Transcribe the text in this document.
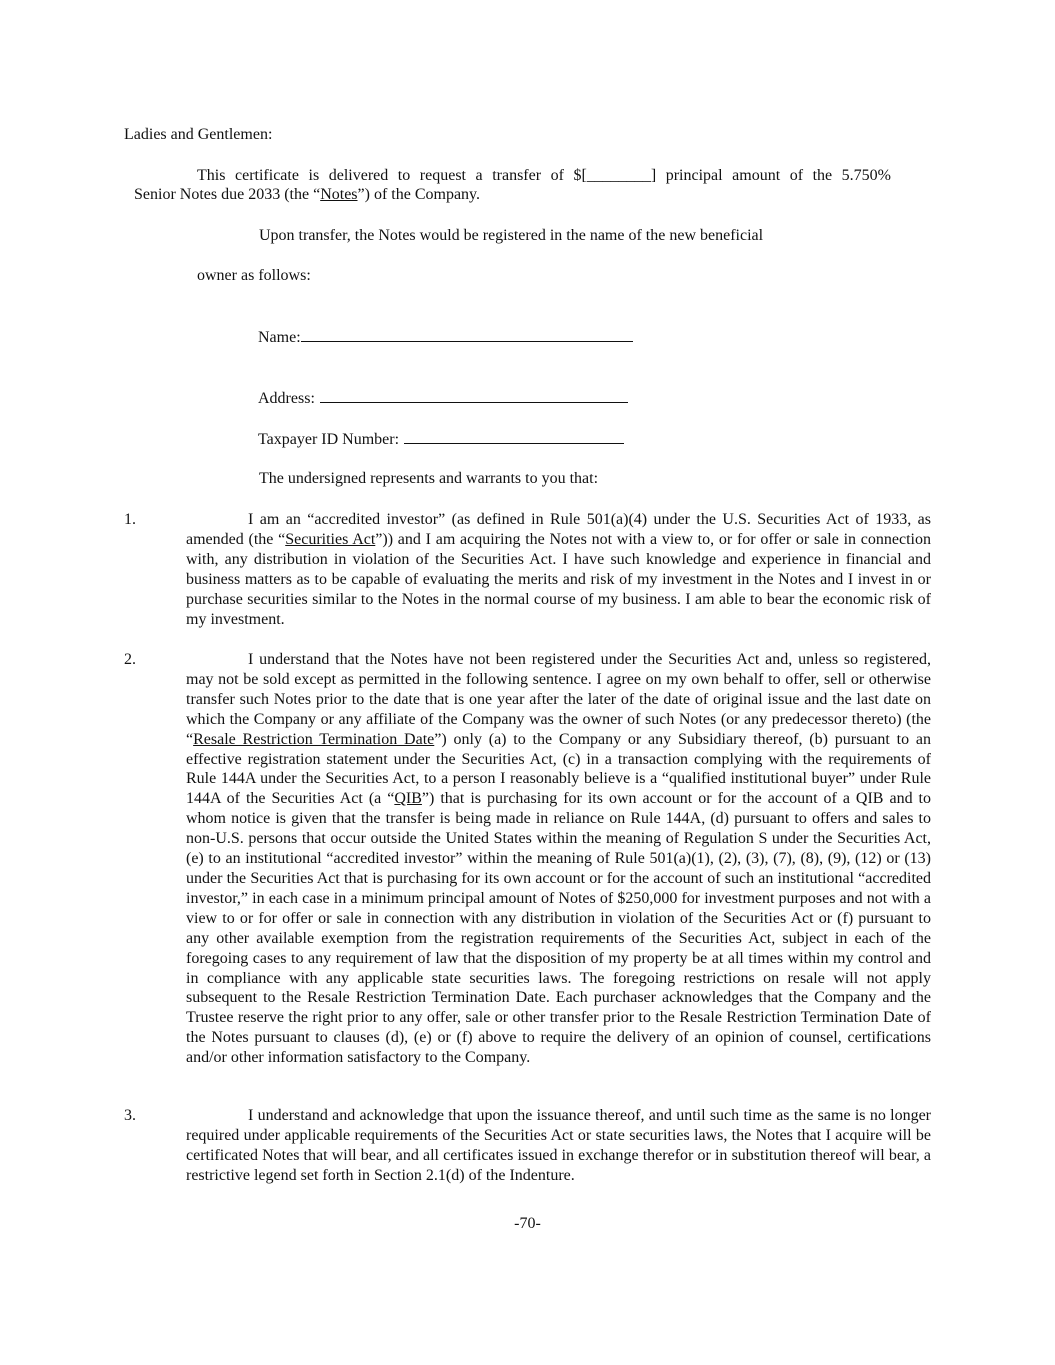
Ladies and Gentlemen:
This certificate is delivered to request a transfer of $[________] principal amount of the 5.750%
Senior Notes due 2033 (the “Notes”) of the Company.
Upon transfer, the Notes would be registered in the name of the new beneficial
owner as follows:
Name:
Address:
Taxpayer ID Number:
The undersigned represents and warrants to you that:
1.	I am an “accredited investor” (as defined in Rule 501(a)(4) under the U.S. Securities Act of 1933, as amended (the “Securities Act”)) and I am acquiring the Notes not with a view to, or for offer or sale in connection with, any distribution in violation of the Securities Act. I have such knowledge and experience in financial and business matters as to be capable of evaluating the merits and risk of my investment in the Notes and I invest in or purchase securities similar to the Notes in the normal course of my business. I am able to bear the economic risk of my investment.
2.	I understand that the Notes have not been registered under the Securities Act and, unless so registered, may not be sold except as permitted in the following sentence. I agree on my own behalf to offer, sell or otherwise transfer such Notes prior to the date that is one year after the later of the date of original issue and the last date on which the Company or any affiliate of the Company was the owner of such Notes (or any predecessor thereto) (the “Resale Restriction Termination Date”) only (a) to the Company or any Subsidiary thereof, (b) pursuant to an effective registration statement under the Securities Act, (c) in a transaction complying with the requirements of Rule 144A under the Securities Act, to a person I reasonably believe is a “qualified institutional buyer” under Rule 144A of the Securities Act (a “QIB”) that is purchasing for its own account or for the account of a QIB and to whom notice is given that the transfer is being made in reliance on Rule 144A, (d) pursuant to offers and sales to non-U.S. persons that occur outside the United States within the meaning of Regulation S under the Securities Act, (e) to an institutional “accredited investor” within the meaning of Rule 501(a)(1), (2), (3), (7), (8), (9), (12) or (13) under the Securities Act that is purchasing for its own account or for the account of such an institutional “accredited investor,” in each case in a minimum principal amount of Notes of $250,000 for investment purposes and not with a view to or for offer or sale in connection with any distribution in violation of the Securities Act or (f) pursuant to any other available exemption from the registration requirements of the Securities Act, subject in each of the foregoing cases to any requirement of law that the disposition of my property be at all times within my control and in compliance with any applicable state securities laws. The foregoing restrictions on resale will not apply subsequent to the Resale Restriction Termination Date. Each purchaser acknowledges that the Company and the Trustee reserve the right prior to any offer, sale or other transfer prior to the Resale Restriction Termination Date of the Notes pursuant to clauses (d), (e) or (f) above to require the delivery of an opinion of counsel, certifications and/or other information satisfactory to the Company.
3.	I understand and acknowledge that upon the issuance thereof, and until such time as the same is no longer required under applicable requirements of the Securities Act or state securities laws, the Notes that I acquire will be certificated Notes that will bear, and all certificates issued in exchange therefor or in substitution thereof will bear, a restrictive legend set forth in Section 2.1(d) of the Indenture.
-70-
